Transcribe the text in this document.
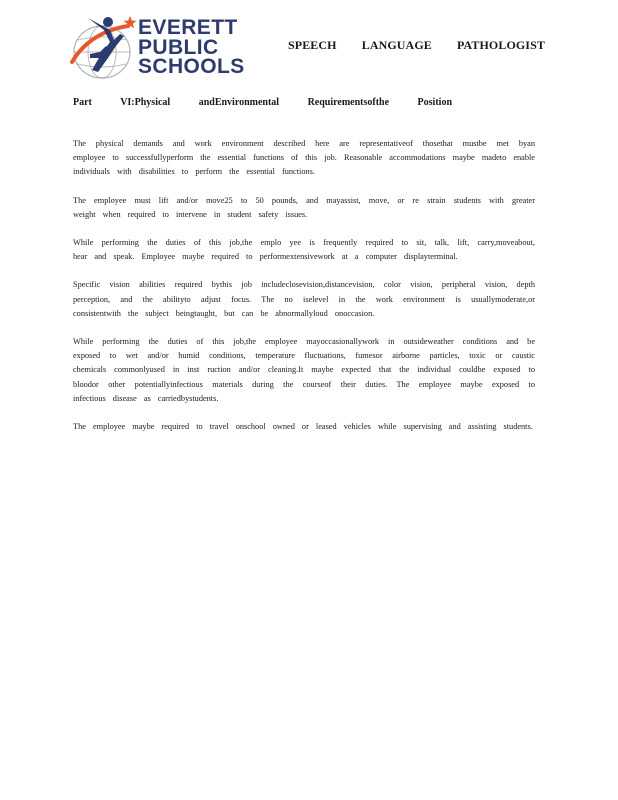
EVERETT
PUBLIC
SCHOOLS
SPEECH LANGUAGE PATHOLOGIST
Part VI:Physical andEnvironmental Requirementsofthe Position

The physical demands and work environment described here are representativeof thosethat mustbe met byan employee to successfullyperform the essential functions of this job. Reasonable accommodations maybe madeto enable individuals with disabilities to perform the essential functions.

The employee must lift and/or move25 to 50 pounds, and mayassist, move, or re strain students with greater weight when required to intervene in student safety issues.

While performing the duties of this job,the emplo yee is frequently required to sit, talk, lift, carry,moveabout, hear and speak. Employee maybe required to performextensivework at a computer displayterminal.

Specific vision abilities required bythis job includeclosevision,distancevision, color vision, peripheral vision, depth perception, and the abilityto adjust focus. The no iselevel in the work environment is usuallymoderate,or consistentwith the subject beingtaught, but can be abnormallyloud onoccasion.

While performing the duties of this job,the employee mayoccasionallywork in outsideweather conditions and be exposed to wet and/or humid conditions, temperature fluctuations, fumesor airborne particles, toxic or caustic chemicals commonlyused in inst ruction and/or cleaning.It maybe expected that the individual couldbe exposed to bloodor other potentiallyinfectious materials during the courseof their duties. The employee maybe exposed to infectious disease as carriedbystudents.

The employee maybe required to travel onschool owned or leased vehicles while supervising and assisting students.
